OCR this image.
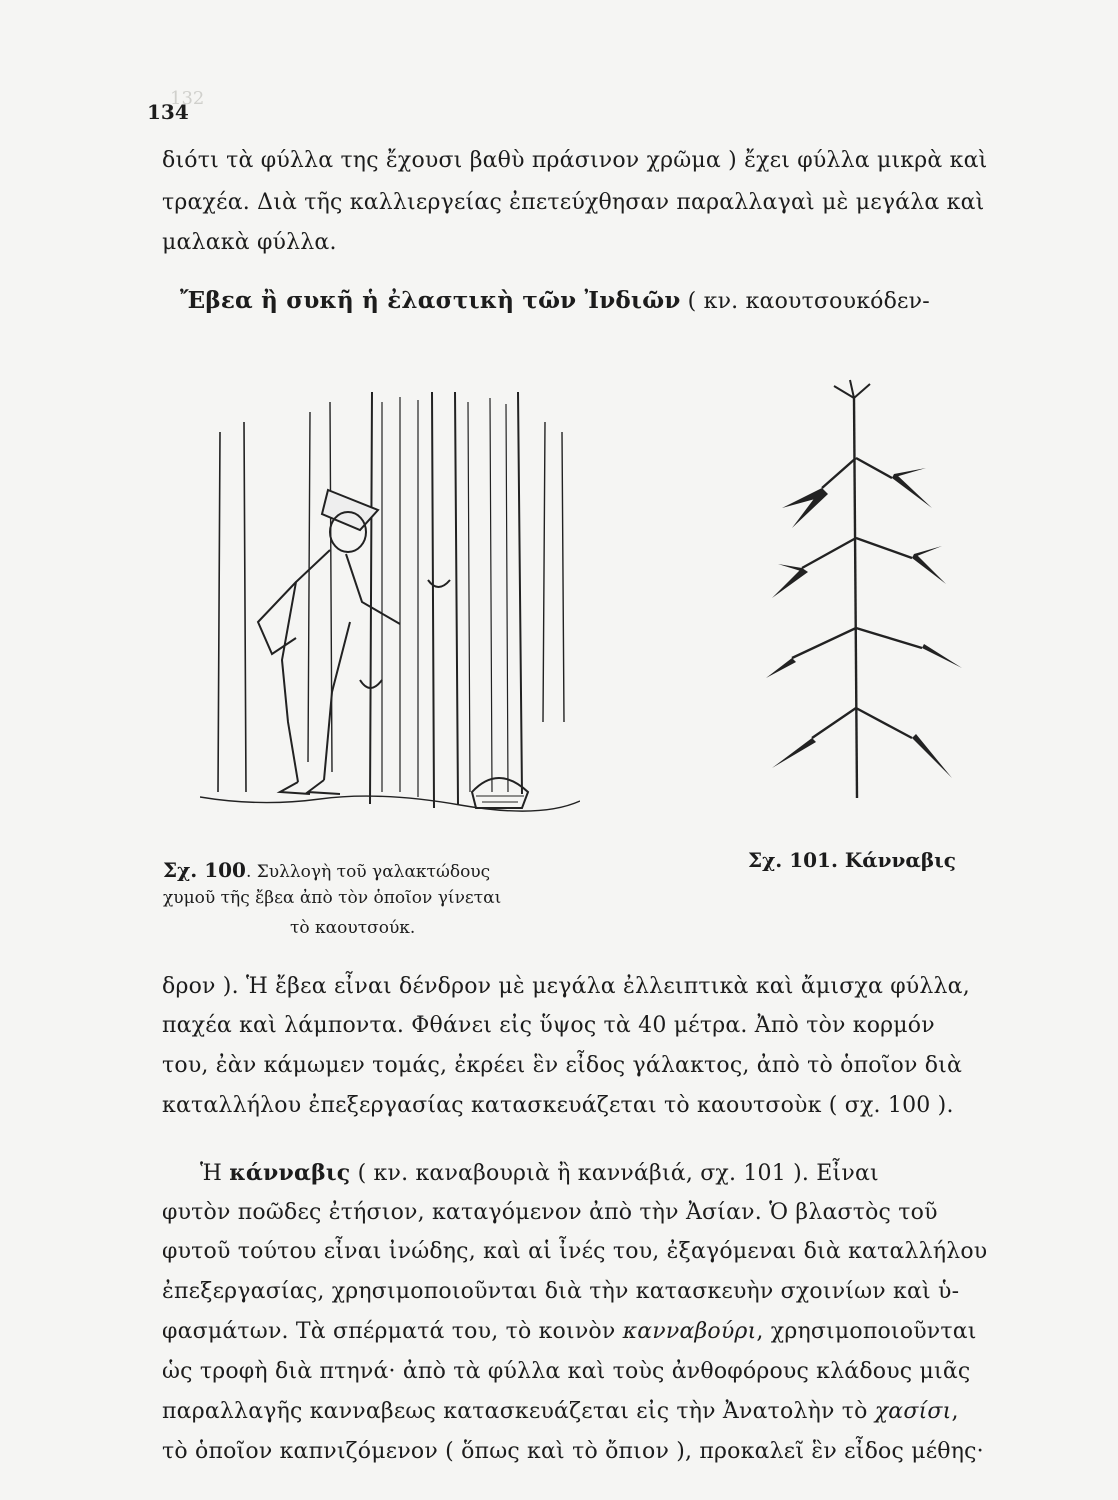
132
134
διότι τὰ φύλλα της ἔχουσι βαθὺ πράσινον χρῶμα ) ἔχει φύλλα μικρὰ καὶ
τραχέα. Διὰ τῆς καλλιεργείας ἐπετεύχθησαν παραλλαγαὶ μὲ μεγάλα καὶ
μαλακὰ φύλλα.
Ἔβεα ἢ συκῆ ἡ ἐλαστικὴ τῶν Ἰνδιῶν ( κν. καουτσουκόδεν-
Σχ. 100. Συλλογὴ τοῦ γαλακτώδους
χυμοῦ τῆς ἔβεα ἀπὸ τὸν ὁποῖον γίνεται
τὸ καουτσούκ.
Σχ. 101. Κάνναβις
δρον ). Ἡ ἔβεα εἶναι δένδρον μὲ μεγάλα ἐλλειπτικὰ καὶ ἄμισχα φύλλα,
παχέα καὶ λάμποντα. Φθάνει εἰς ὕψος τὰ 40 μέτρα. Ἀπὸ τὸν κορμόν
του, ἐὰν κάμωμεν τομάς, ἐκρέει ἓν εἶδος γάλακτος, ἀπὸ τὸ ὁποῖον διὰ
καταλλήλου ἐπεξεργασίας κατασκευάζεται τὸ καουτσοὺκ ( σχ. 100 ).
Ἡ κάνναβις ( κν. καναβουριὰ ἢ καννάβιά, σχ. 101 ). Εἶναι
φυτὸν ποῶδες ἐτήσιον, καταγόμενον ἀπὸ τὴν Ἀσίαν. Ὁ βλαστὸς τοῦ
φυτοῦ τούτου εἶναι ἰνώδης, καὶ αἱ ἶνές του, ἐξαγόμεναι διὰ καταλλήλου
ἐπεξεργασίας, χρησιμοποιοῦνται διὰ τὴν κατασκευὴν σχοινίων καὶ ὑ-
φασμάτων. Τὰ σπέρματά του, τὸ κοινὸν κανναβούρι, χρησιμοποιοῦνται
ὡς τροφὴ διὰ πτηνά· ἀπὸ τὰ φύλλα καὶ τοὺς ἀνθοφόρους κλάδους μιᾶς
παραλλαγῆς κανναβεως κατασκευάζεται εἰς τὴν Ἀνατολὴν τὸ χασίσι,
τὸ ὁποῖον καπνιζόμενον ( ὅπως καὶ τὸ ὄπιον ), προκαλεῖ ἓν εἶδος μέθης·
